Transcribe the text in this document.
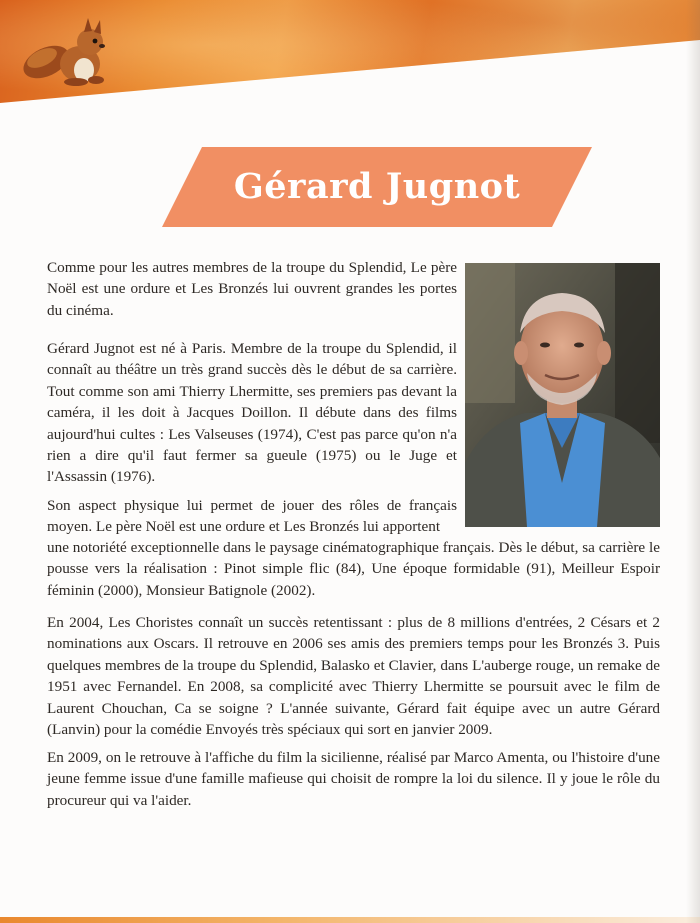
Gérard Jugnot

Comme pour les autres membres de la troupe du Splendid, Le père Noël est une ordure et Les Bronzés lui ouvrent grandes les portes du cinéma.

Gérard Jugnot est né à Paris. Membre de la troupe du Splendid, il connaît au théâtre un très grand succès dès le début de sa carrière. Tout comme son ami Thierry Lhermitte, ses premiers pas devant la caméra, il les doit à Jacques Doillon. Il débute dans des films aujourd'hui cultes : Les Valseuses (1974), C'est pas parce qu'on n'a rien a dire qu'il faut fermer sa gueule (1975) ou le Juge et l'Assassin (1976).

Son aspect physique lui permet de jouer des rôles de français moyen. Le père Noël est une ordure et Les Bronzés lui apportent

une notoriété exceptionnelle dans le paysage cinématographique français. Dès le début, sa carrière le pousse vers la réalisation : Pinot simple flic (84), Une époque formidable (91), Meilleur Espoir féminin (2000), Monsieur Batignole (2002).

En 2004, Les Choristes connaît un succès retentissant : plus de 8 millions d'entrées, 2 Césars et 2 nominations aux Oscars. Il retrouve en 2006 ses amis des premiers temps pour les Bronzés 3. Puis quelques membres de la troupe du Splendid, Balasko et Clavier, dans L'auberge rouge, un remake de 1951 avec Fernandel. En 2008, sa complicité avec Thierry Lhermitte se poursuit avec le film de Laurent Chouchan, Ca se soigne ? L'année suivante, Gérard fait équipe avec un autre Gérard (Lanvin) pour la comédie Envoyés très spéciaux qui sort en janvier 2009.

En 2009, on le retrouve à l'affiche du film la sicilienne, réalisé par Marco Amenta, ou l'histoire d'une jeune femme issue d'une famille mafieuse qui choisit de rompre la loi du silence. Il y joue le rôle du procureur qui va l'aider.
